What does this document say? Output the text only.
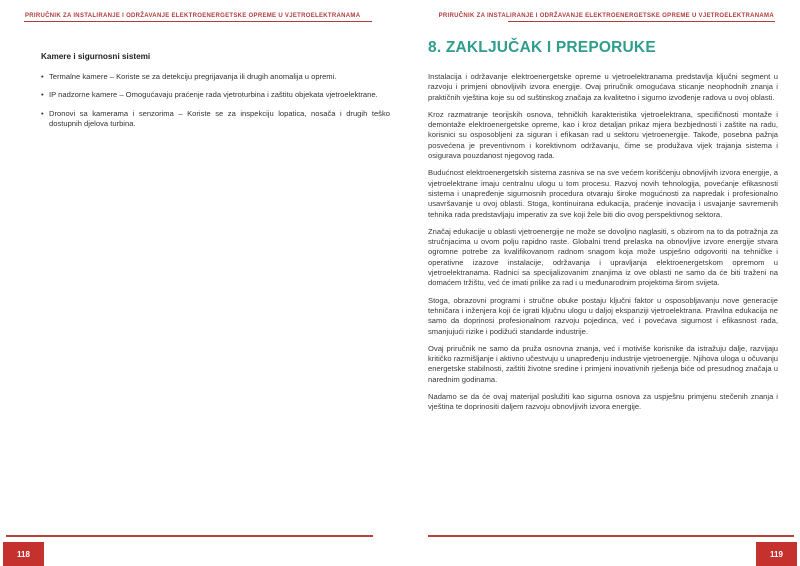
PRIRUČNIK ZA INSTALIRANJE I ODRŽAVANJE ELEKTROENERGETSKE OPREME U VJETROELEKTRANAMA
Kamere i sigurnosni sistemi
• Termalne kamere – Koriste se za detekciju pregrijavanja ili drugih anomalija u opremi.
• IP nadzorne kamere – Omogućavaju praćenje rada vjetroturbina i zaštitu objekata vjetroelektrane.
• Dronovi sa kamerama i senzorima – Koriste se za inspekciju lopatica, nosača i drugih teško dostupnih djelova turbina.
118
PRIRUČNIK ZA INSTALIRANJE I ODRŽAVANJE ELEKTROENERGETSKE OPREME U VJETROELEKTRANAMA
8. ZAKLJUČAK I PREPORUKE

Instalacija i održavanje elektroenergetske opreme u vjetroelektranama predstavlja ključni segment u razvoju i primjeni obnovljivih izvora energije. Ovaj priručnik omogućava sticanje neophodnih znanja i praktičnih vještina koje su od suštinskog značaja za kvalitetno i sigurno izvođenje radova u ovoj oblasti.

Kroz razmatranje teorijskih osnova, tehničkih karakteristika vjetroelektrana, specifičnosti montaže i demontaže elektroenergetske opreme, kao i kroz detaljan prikaz mjera bezbjednosti i zaštite na radu, korisnici su osposobljeni za siguran i efikasan rad u sektoru vjetroenergije. Takođe, posebna pažnja posvećena je preventivnom i korektivnom održavanju, čime se produžava vijek trajanja sistema i osigurava pouzdanost njegovog rada.

Budućnost elektroenergetskih sistema zasniva se na sve većem korišćenju obnovljivih izvora energije, a vjetroelektrane imaju centralnu ulogu u tom procesu. Razvoj novih tehnologija, povećanje efikasnosti sistema i unapređenje sigurnosnih procedura otvaraju široke mogućnosti za napredak i profesionalno usavršavanje u ovoj oblasti. Stoga, kontinuirana edukacija, praćenje inovacija i usvajanje savremenih tehnika rada predstavljaju imperativ za sve koji žele biti dio ovog perspektivnog sektora.

Značaj edukacije u oblasti vjetroenergije ne može se dovoljno naglasiti, s obzirom na to da potražnja za stručnjacima u ovom polju rapidno raste. Globalni trend prelaska na obnovljive izvore energije stvara ogromne potrebe za kvalifikovanom radnom snagom koja može uspješno odgovoriti na tehničke i operativne izazove instalacije, održavanja i upravljanja elektroenergetskom opremom u vjetroelektranama. Radnici sa specijalizovanim znanjima iz ove oblasti ne samo da će biti traženi na domaćem tržištu, već će imati prilike za rad i u međunarodnim projektima širom svijeta.

Stoga, obrazovni programi i stručne obuke postaju ključni faktor u osposobljavanju nove generacije tehničara i inženjera koji će igrati ključnu ulogu u daljoj ekspanziji vjetroelektrana. Pravilna edukacija ne samo da doprinosi profesionalnom razvoju pojedinca, već i povećava sigurnost i efikasnost rada, smanjujući rizike i podižući standarde industrije.

Ovaj priručnik ne samo da pruža osnovna znanja, već i motiviše korisnike da istražuju dalje, razvijaju kritičko razmišljanje i aktivno učestvuju u unapređenju industrije vjetroenergije. Njihova uloga u očuvanju energetske stabilnosti, zaštiti životne sredine i primjeni inovativnih rješenja biće od presudnog značaja u narednim godinama.

Nadamo se da će ovaj materijal poslužiti kao sigurna osnova za uspješnu primjenu stečenih znanja i vještina te doprinositi daljem razvoju obnovljivih izvora energije.

119
